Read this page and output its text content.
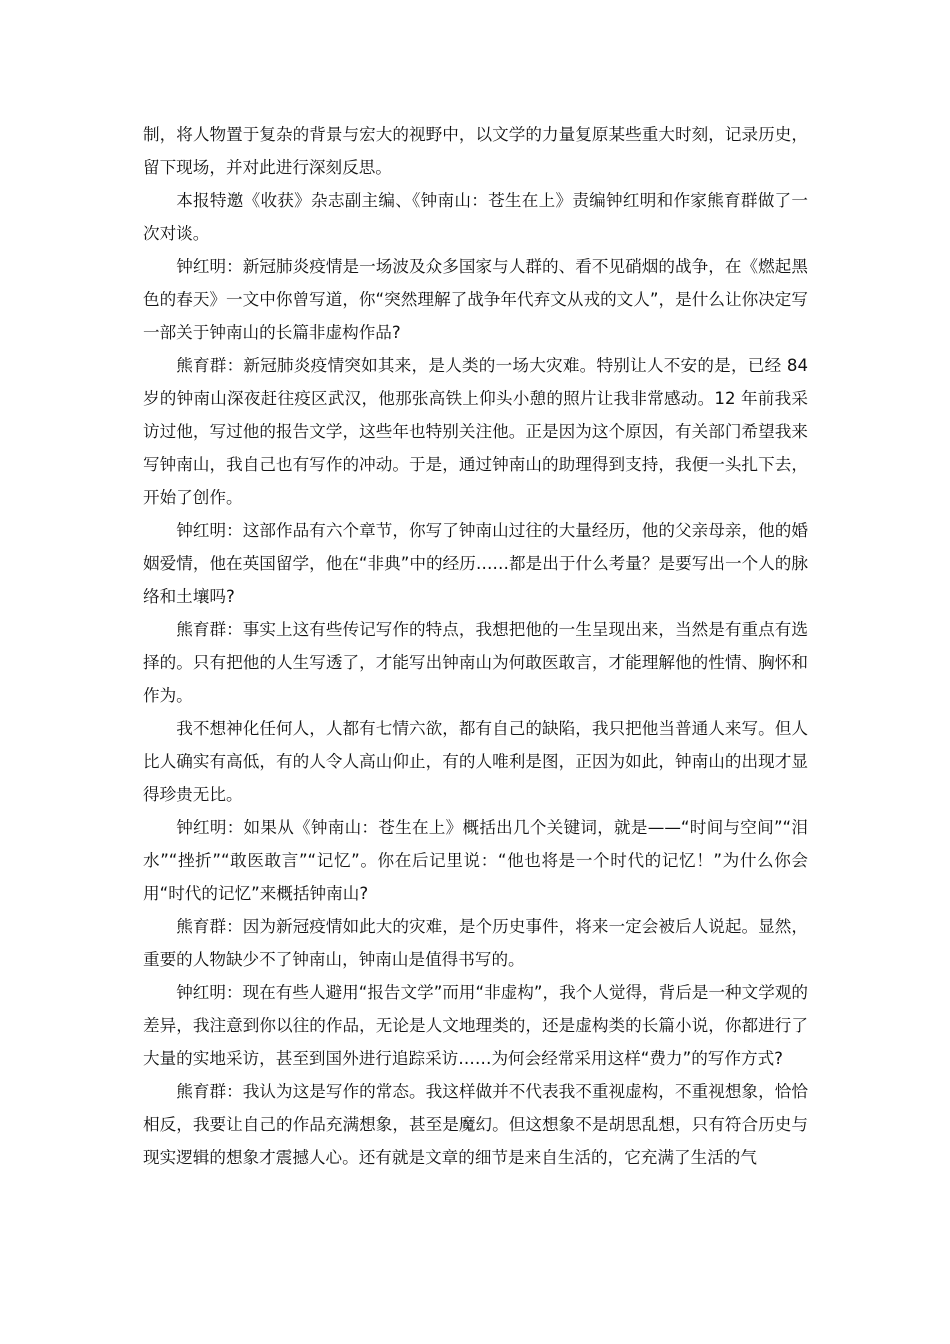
制，将人物置于复杂的背景与宏大的视野中，以文学的力量复原某些重大时刻，记录历史，留下现场，并对此进行深刻反思。

本报特邀《收获》杂志副主编、《钟南山：苍生在上》责编钟红明和作家熊育群做了一次对谈。

钟红明：新冠肺炎疫情是一场波及众多国家与人群的、看不见硝烟的战争，在《燃起黑色的春天》一文中你曾写道，你“突然理解了战争年代弃文从戎的文人”，是什么让你决定写一部关于钟南山的长篇非虚构作品?

熊育群：新冠肺炎疫情突如其来，是人类的一场大灾难。特别让人不安的是，已经 84岁的钟南山深夜赶往疫区武汉，他那张高铁上仰头小憩的照片让我非常感动。12 年前我采访过他，写过他的报告文学，这些年也特别关注他。正是因为这个原因，有关部门希望我来写钟南山，我自己也有写作的冲动。于是，通过钟南山的助理得到支持，我便一头扎下去，开始了创作。

钟红明：这部作品有六个章节，你写了钟南山过往的大量经历，他的父亲母亲，他的婚姻爱情，他在英国留学，他在“非典”中的经历……都是出于什么考量？是要写出一个人的脉络和土壤吗?

熊育群：事实上这有些传记写作的特点，我想把他的一生呈现出来，当然是有重点有选择的。只有把他的人生写透了，才能写出钟南山为何敢医敢言，才能理解他的性情、胸怀和作为。

我不想神化任何人，人都有七情六欲，都有自己的缺陷，我只把他当普通人来写。但人比人确实有高低，有的人令人高山仰止，有的人唯利是图，正因为如此，钟南山的出现才显得珍贵无比。

钟红明：如果从《钟南山：苍生在上》概括出几个关键词，就是——“时间与空间”“泪水”“挫折”“敢医敢言”“记忆”。你在后记里说：“他也将是一个时代的记忆！”为什么你会用“时代的记忆”来概括钟南山?

熊育群：因为新冠疫情如此大的灾难，是个历史事件，将来一定会被后人说起。显然，重要的人物缺少不了钟南山，钟南山是值得书写的。

钟红明：现在有些人避用“报告文学”而用“非虚构”，我个人觉得，背后是一种文学观的差异，我注意到你以往的作品，无论是人文地理类的，还是虚构类的长篇小说，你都进行了大量的实地采访，甚至到国外进行追踪采访……为何会经常采用这样“费力”的写作方式?

熊育群：我认为这是写作的常态。我这样做并不代表我不重视虚构，不重视想象，恰恰相反，我要让自己的作品充满想象，甚至是魔幻。但这想象不是胡思乱想，只有符合历史与现实逻辑的想象才震撼人心。还有就是文章的细节是来自生活的，它充满了生活的气
